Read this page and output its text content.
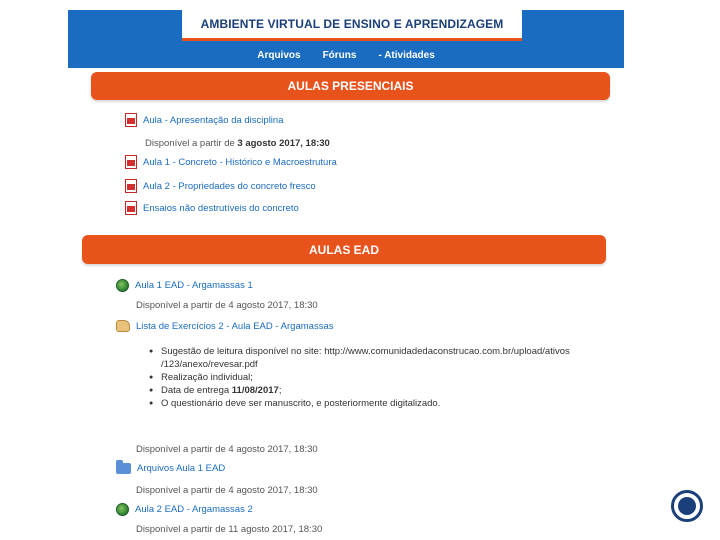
AMBIENTE VIRTUAL DE ENSINO E APRENDIZAGEM
Arquivos Fóruns - Atividades
AULAS PRESENCIAIS
Aula - Apresentação da disciplina
Disponível a partir de 3 agosto 2017, 18:30
Aula 1 - Concreto - Histórico e Macroestrutura
Aula 2 - Propriedades do concreto fresco
Ensaios não destrutíveis do concreto
AULAS EAD
Aula 1 EAD - Argamassas 1
Disponível a partir de 4 agosto 2017, 18:30
Lista de Exercícios 2 - Aula EAD - Argamassas
● Sugestão de leitura disponível no site: http://www.comunidadedaconstrucao.com.br/upload/ativos
/123/anexo/revesar.pdf
● Realização individual;
● Data de entrega 11/08/2017;
● O questionário deve ser manuscrito, e posteriormente digitalizado.
Disponível a partir de 4 agosto 2017, 18:30
Arquivos Aula 1 EAD
Disponível a partir de 4 agosto 2017, 18:30
Aula 2 EAD - Argamassas 2
Disponível a partir de 11 agosto 2017, 18:30
